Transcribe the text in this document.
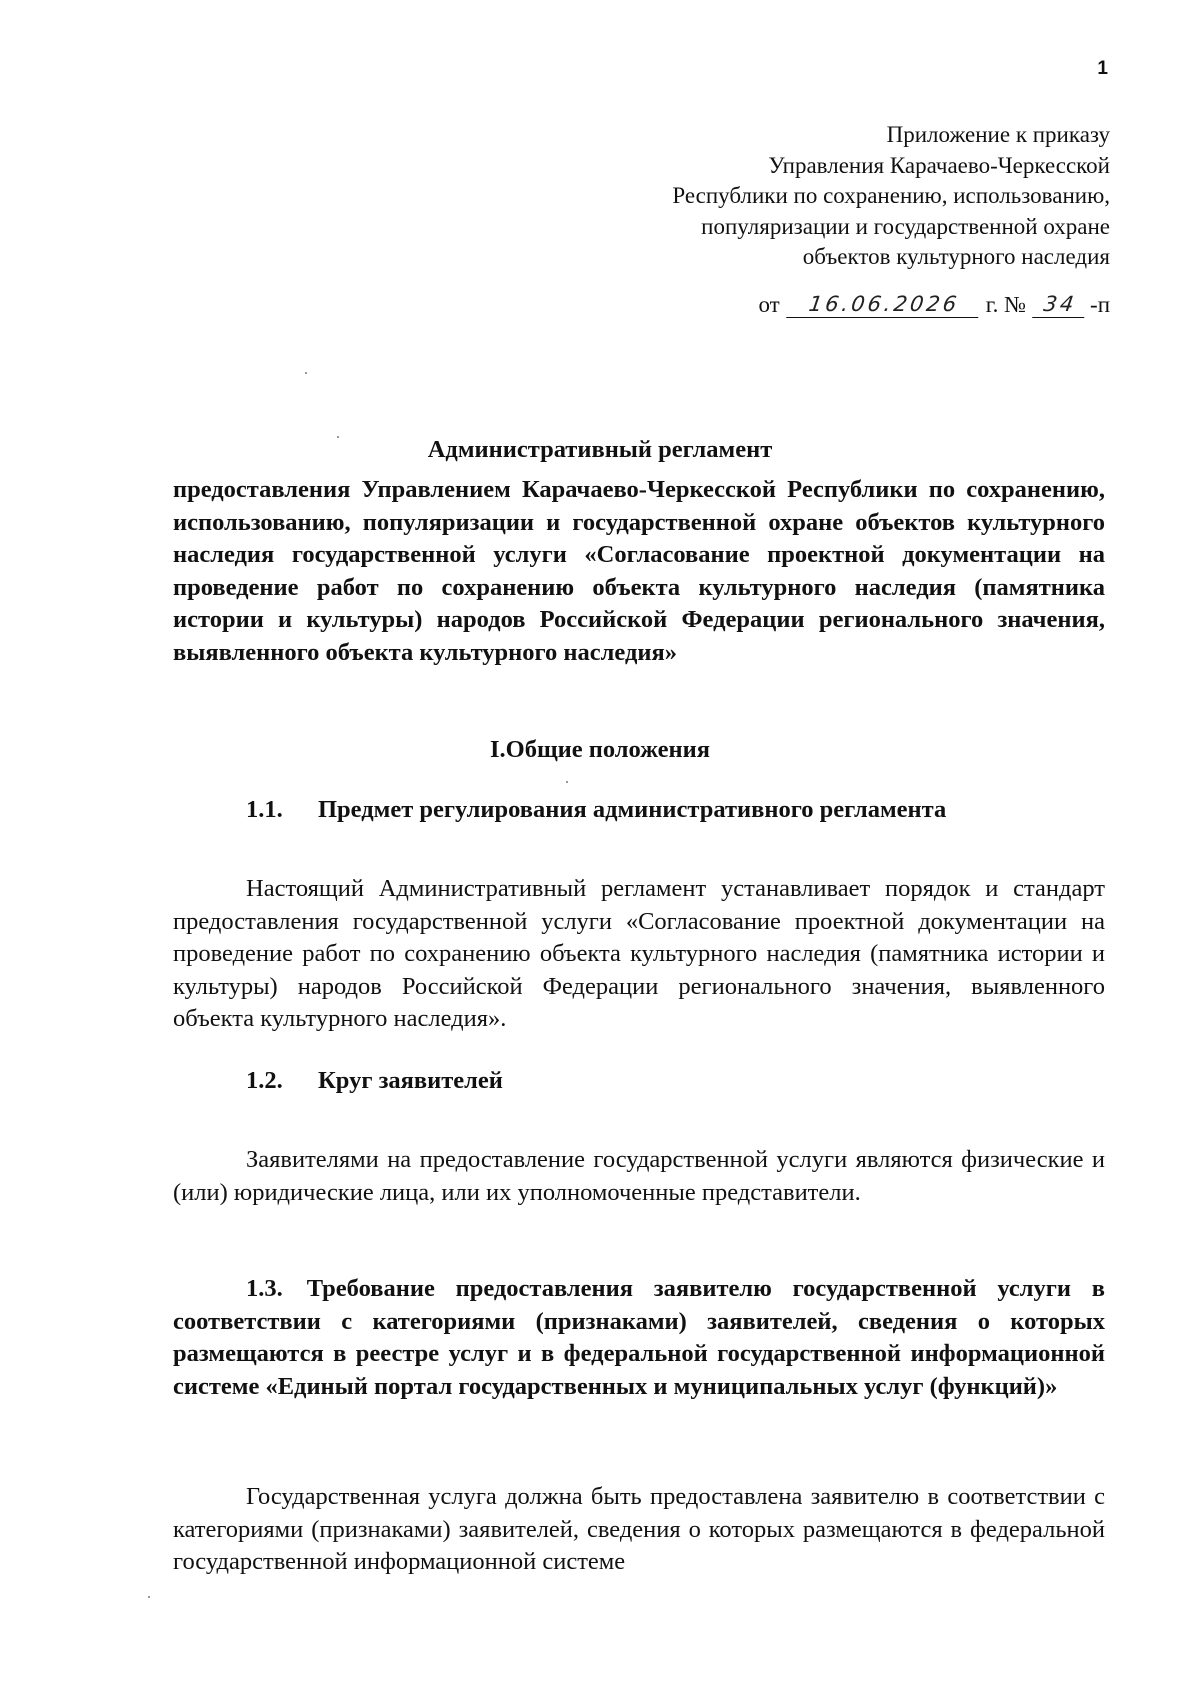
1
Приложение к приказу
Управления Карачаево-Черкесской
Республики по сохранению, использованию,
популяризации и государственной охране
объектов культурного наследия
от	16.06.2026	г. № 34 -п
Административный регламент

предоставления Управлением Карачаево-Черкесской Республики по сохранению, использованию, популяризации и государственной охране объектов культурного наследия государственной услуги «Согласование проектной документации на проведение работ по сохранению объекта культурного наследия (памятника истории и культуры) народов Российской Федерации регионального значения, выявленного объекта культурного наследия»

I.Общие положения
1.1. Предмет регулирования административного регламента

Настоящий Административный регламент устанавливает порядок и стандарт предоставления государственной услуги «Согласование проектной документации на проведение работ по сохранению объекта культурного наследия (памятника истории и культуры) народов Российской Федерации регионального значения, выявленного объекта культурного наследия».

1.2. Круг заявителей

Заявителями на предоставление государственной услуги являются физические и (или) юридические лица, или их уполномоченные представители.

1.3. Требование предоставления заявителю государственной услуги в соответствии с категориями (признаками) заявителей, сведения о которых размещаются в реестре услуг и в федеральной государственной информационной системе «Единый портал государственных и муниципальных услуг (функций)»

Государственная услуга должна быть предоставлена заявителю в соответствии с категориями (признаками) заявителей, сведения о которых размещаются в федеральной государственной информационной системе
